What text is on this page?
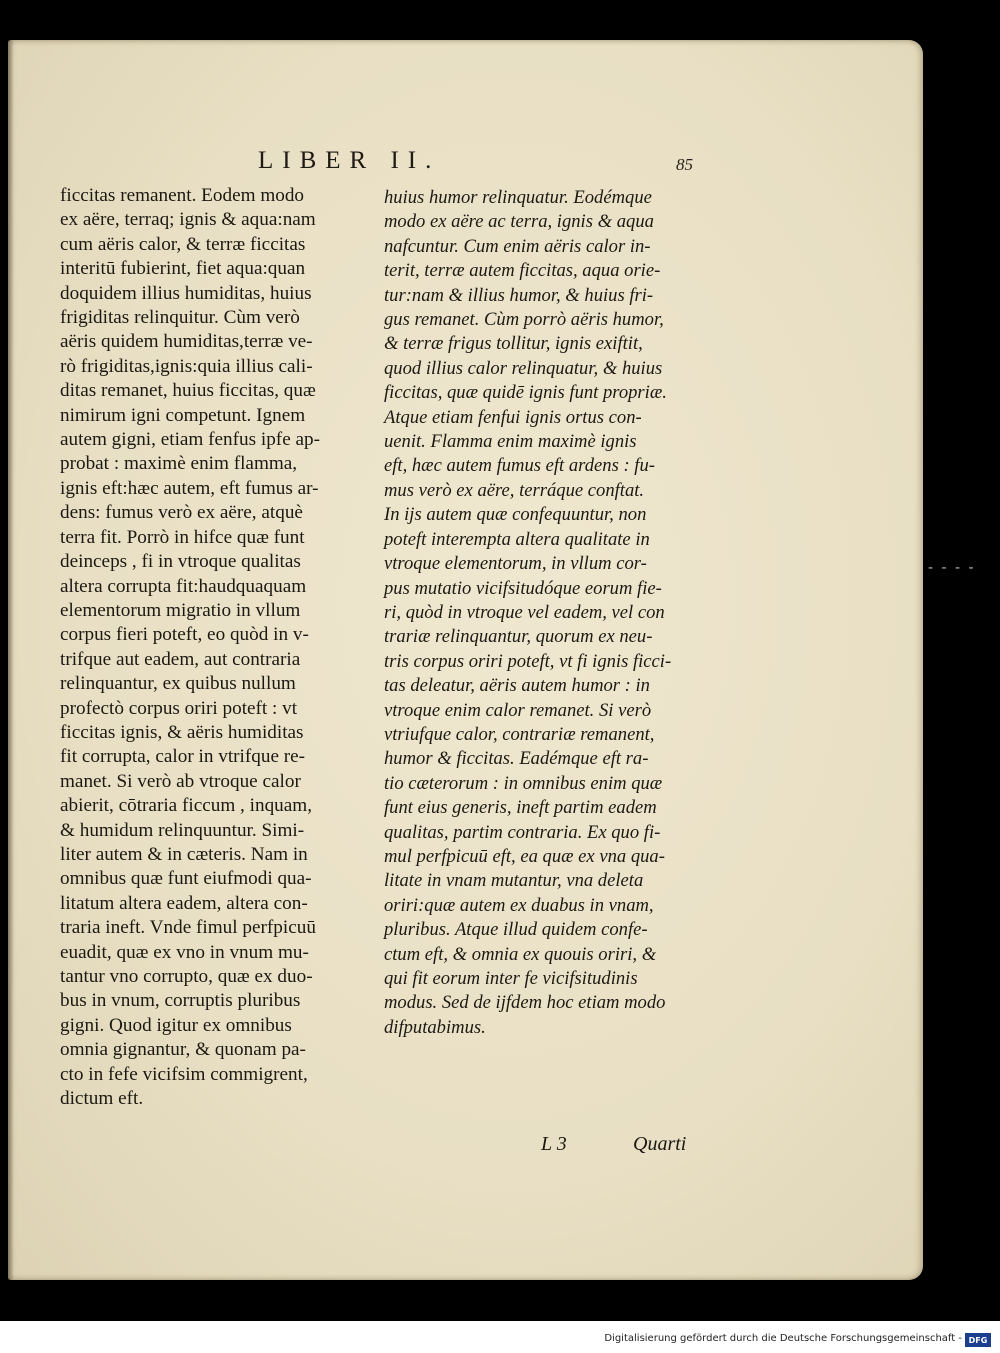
LIBER II.	85
ficcitas remanent. Eodem modo
ex aëre, terraq; ignis & aqua:nam
cum aëris calor, & terræ ficcitas
interitū fubierint, fiet aqua:quan
doquidem illius humiditas, huius
frigiditas relinquitur. Cùm verò
aëris quidem humiditas,terræ ve-
rò frigiditas,ignis:quia illius cali-
ditas remanet, huius ficcitas, quæ
nimirum igni competunt. Ignem
autem gigni, etiam fenfus ipfe ap-
probat : maximè enim flamma,
ignis eft:hæc autem, eft fumus ar-
dens: fumus verò ex aëre, atquè
terra fit. Porrò in hifce quæ funt
deinceps , fi in vtroque qualitas
altera corrupta fit:haudquaquam
elementorum migratio in vllum
corpus fieri poteft, eo quòd in v-
trifque aut eadem, aut contraria
relinquantur, ex quibus nullum
profectò corpus oriri poteft : vt
ficcitas ignis, & aëris humiditas
fit corrupta, calor in vtrifque re-
manet. Si verò ab vtroque calor
abierit, cōtraria ficcum , inquam,
& humidum relinquuntur. Simi-
liter autem & in cæteris. Nam in
omnibus quæ funt eiufmodi qua-
litatum altera eadem, altera con-
traria ineft. Vnde fimul perfpicuū
euadit, quæ ex vno in vnum mu-
tantur vno corrupto, quæ ex duo-
bus in vnum, corruptis pluribus
gigni. Quod igitur ex omnibus
omnia gignantur, & quonam pa-
cto in fefe vicifsim commigrent,
dictum eft.
huius humor relinquatur. Eodémque
modo ex aëre ac terra, ignis & aqua
nafcuntur. Cum enim aëris calor in-
terit, terræ autem ficcitas, aqua orie-
tur:nam & illius humor, & huius fri-
gus remanet. Cùm porrò aëris humor,
& terræ frigus tollitur, ignis exiftit,
quod illius calor relinquatur, & huius
ficcitas, quæ quidē ignis funt propriæ.
Atque etiam fenfui ignis ortus con-
uenit. Flamma enim maximè ignis
eft, hæc autem fumus eft ardens : fu-
mus verò ex aëre, terráque conftat.
In ijs autem quæ confequuntur, non
poteft interempta altera qualitate in
vtroque elementorum, in vllum cor-
pus mutatio vicifsitudóque eorum fie-
ri, quòd in vtroque vel eadem, vel con
trariæ relinquantur, quorum ex neu-
tris corpus oriri poteft, vt fi ignis ficci-
tas deleatur, aëris autem humor : in
vtroque enim calor remanet. Si verò
vtriufque calor, contrariæ remanent,
humor & ficcitas. Eadémque eft ra-
tio cæterorum : in omnibus enim quæ
funt eius generis, ineft partim eadem
qualitas, partim contraria. Ex quo fi-
mul perfpicuū eft, ea quæ ex vna qua-
litate in vnam mutantur, vna deleta
oriri:quæ autem ex duabus in vnam,
pluribus. Atque illud quidem confe-
ctum eft, & omnia ex quouis oriri, &
qui fit eorum inter fe vicifsitudinis
modus. Sed de ijfdem hoc etiam modo
difputabimus.
L 3	Quarti
- - - -
Digitalisierung gefördert durch die Deutsche Forschungsgemeinschaft - DFG
